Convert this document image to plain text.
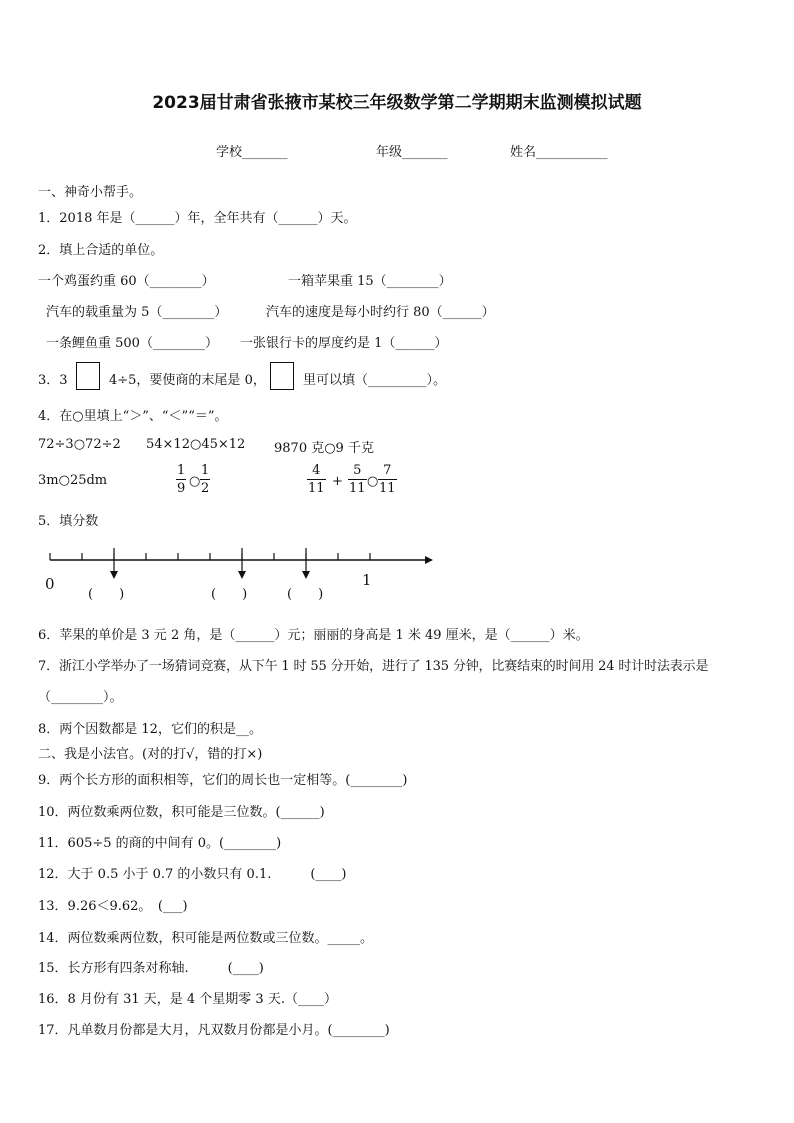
2023届甘肃省张掖市某校三年级数学第二学期期末监测模拟试题
学校_______	年级_______	姓名___________
一、神奇小帮手。
1．2018 年是（______）年，全年共有（______）天。
2．填上合适的单位。
一个鸡蛋约重 60（________）	一箱苹果重 15（________）
汽车的载重量为 5（________）	汽车的速度是每小时约行 80（______）
一条鲤鱼重 500（________） 一张银行卡的厚度约是 1（______）
3．3	4÷5，要使商的末尾是 0，	里可以填（_________）。
4．在○里填上“＞”、“＜”“＝”。
72÷3○72÷2 54×12○45×12 9870 克○9 千克
3m○25dm
1
9 ○
1
2
4
11 +
5
11 ○
7
11
5．填分数
0	1
(　　)	(　　)	(　　)
6．苹果的单价是 3 元 2 角，是（______）元；丽丽的身高是 1 米 49 厘米，是（______）米。
7．浙江小学举办了一场猜词竞赛，从下午 1 时 55 分开始，进行了 135 分钟，比赛结束的时间用 24 时计时法表示是
（________）。
8．两个因数都是 12，它们的积是__。
二、我是小法官。(对的打√，错的打×)
9．两个长方形的面积相等，它们的周长也一定相等。(________)
10．两位数乘两位数，积可能是三位数。(______)
11．605÷5 的商的中间有 0。(________)
12．大于 0.5 小于 0.7 的小数只有 0.1.　　　(____)
13．9.26＜9.62。　(___)
14．两位数乘两位数，积可能是两位数或三位数。_____。
15．长方形有四条对称轴.　　　(____)
16．8 月份有 31 天，是 4 个星期零 3 天.（____）
17．凡单数月份都是大月，凡双数月份都是小月。(________)
